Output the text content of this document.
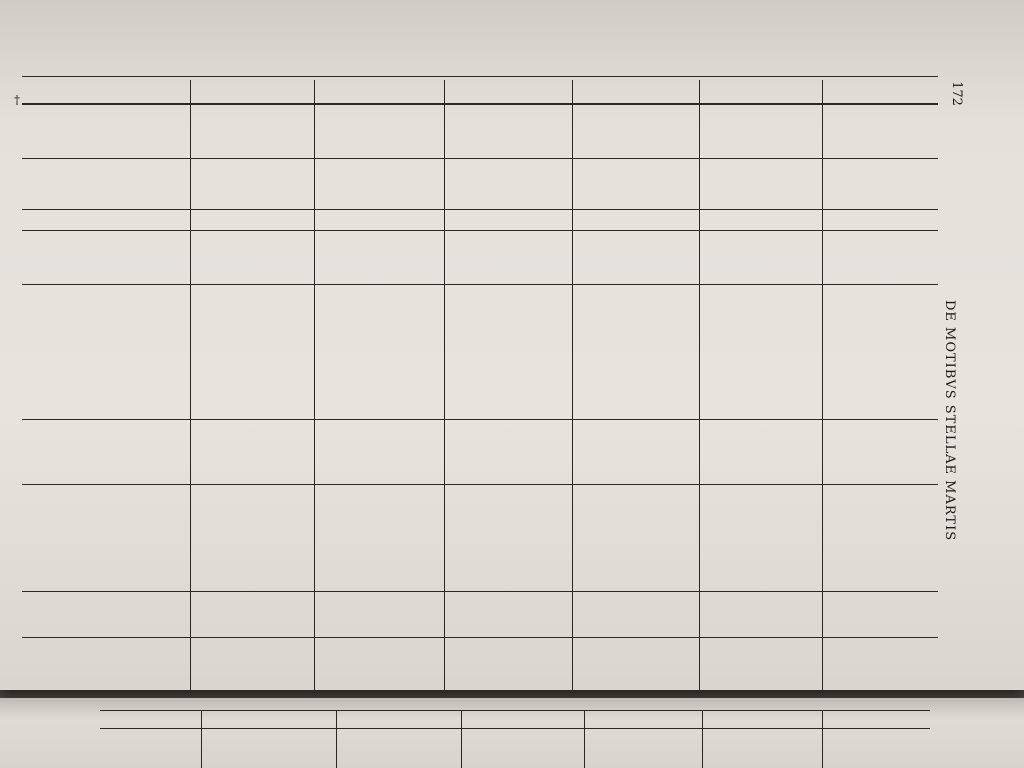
†	172
DE MOTIBVS STELLAE MARTIS
